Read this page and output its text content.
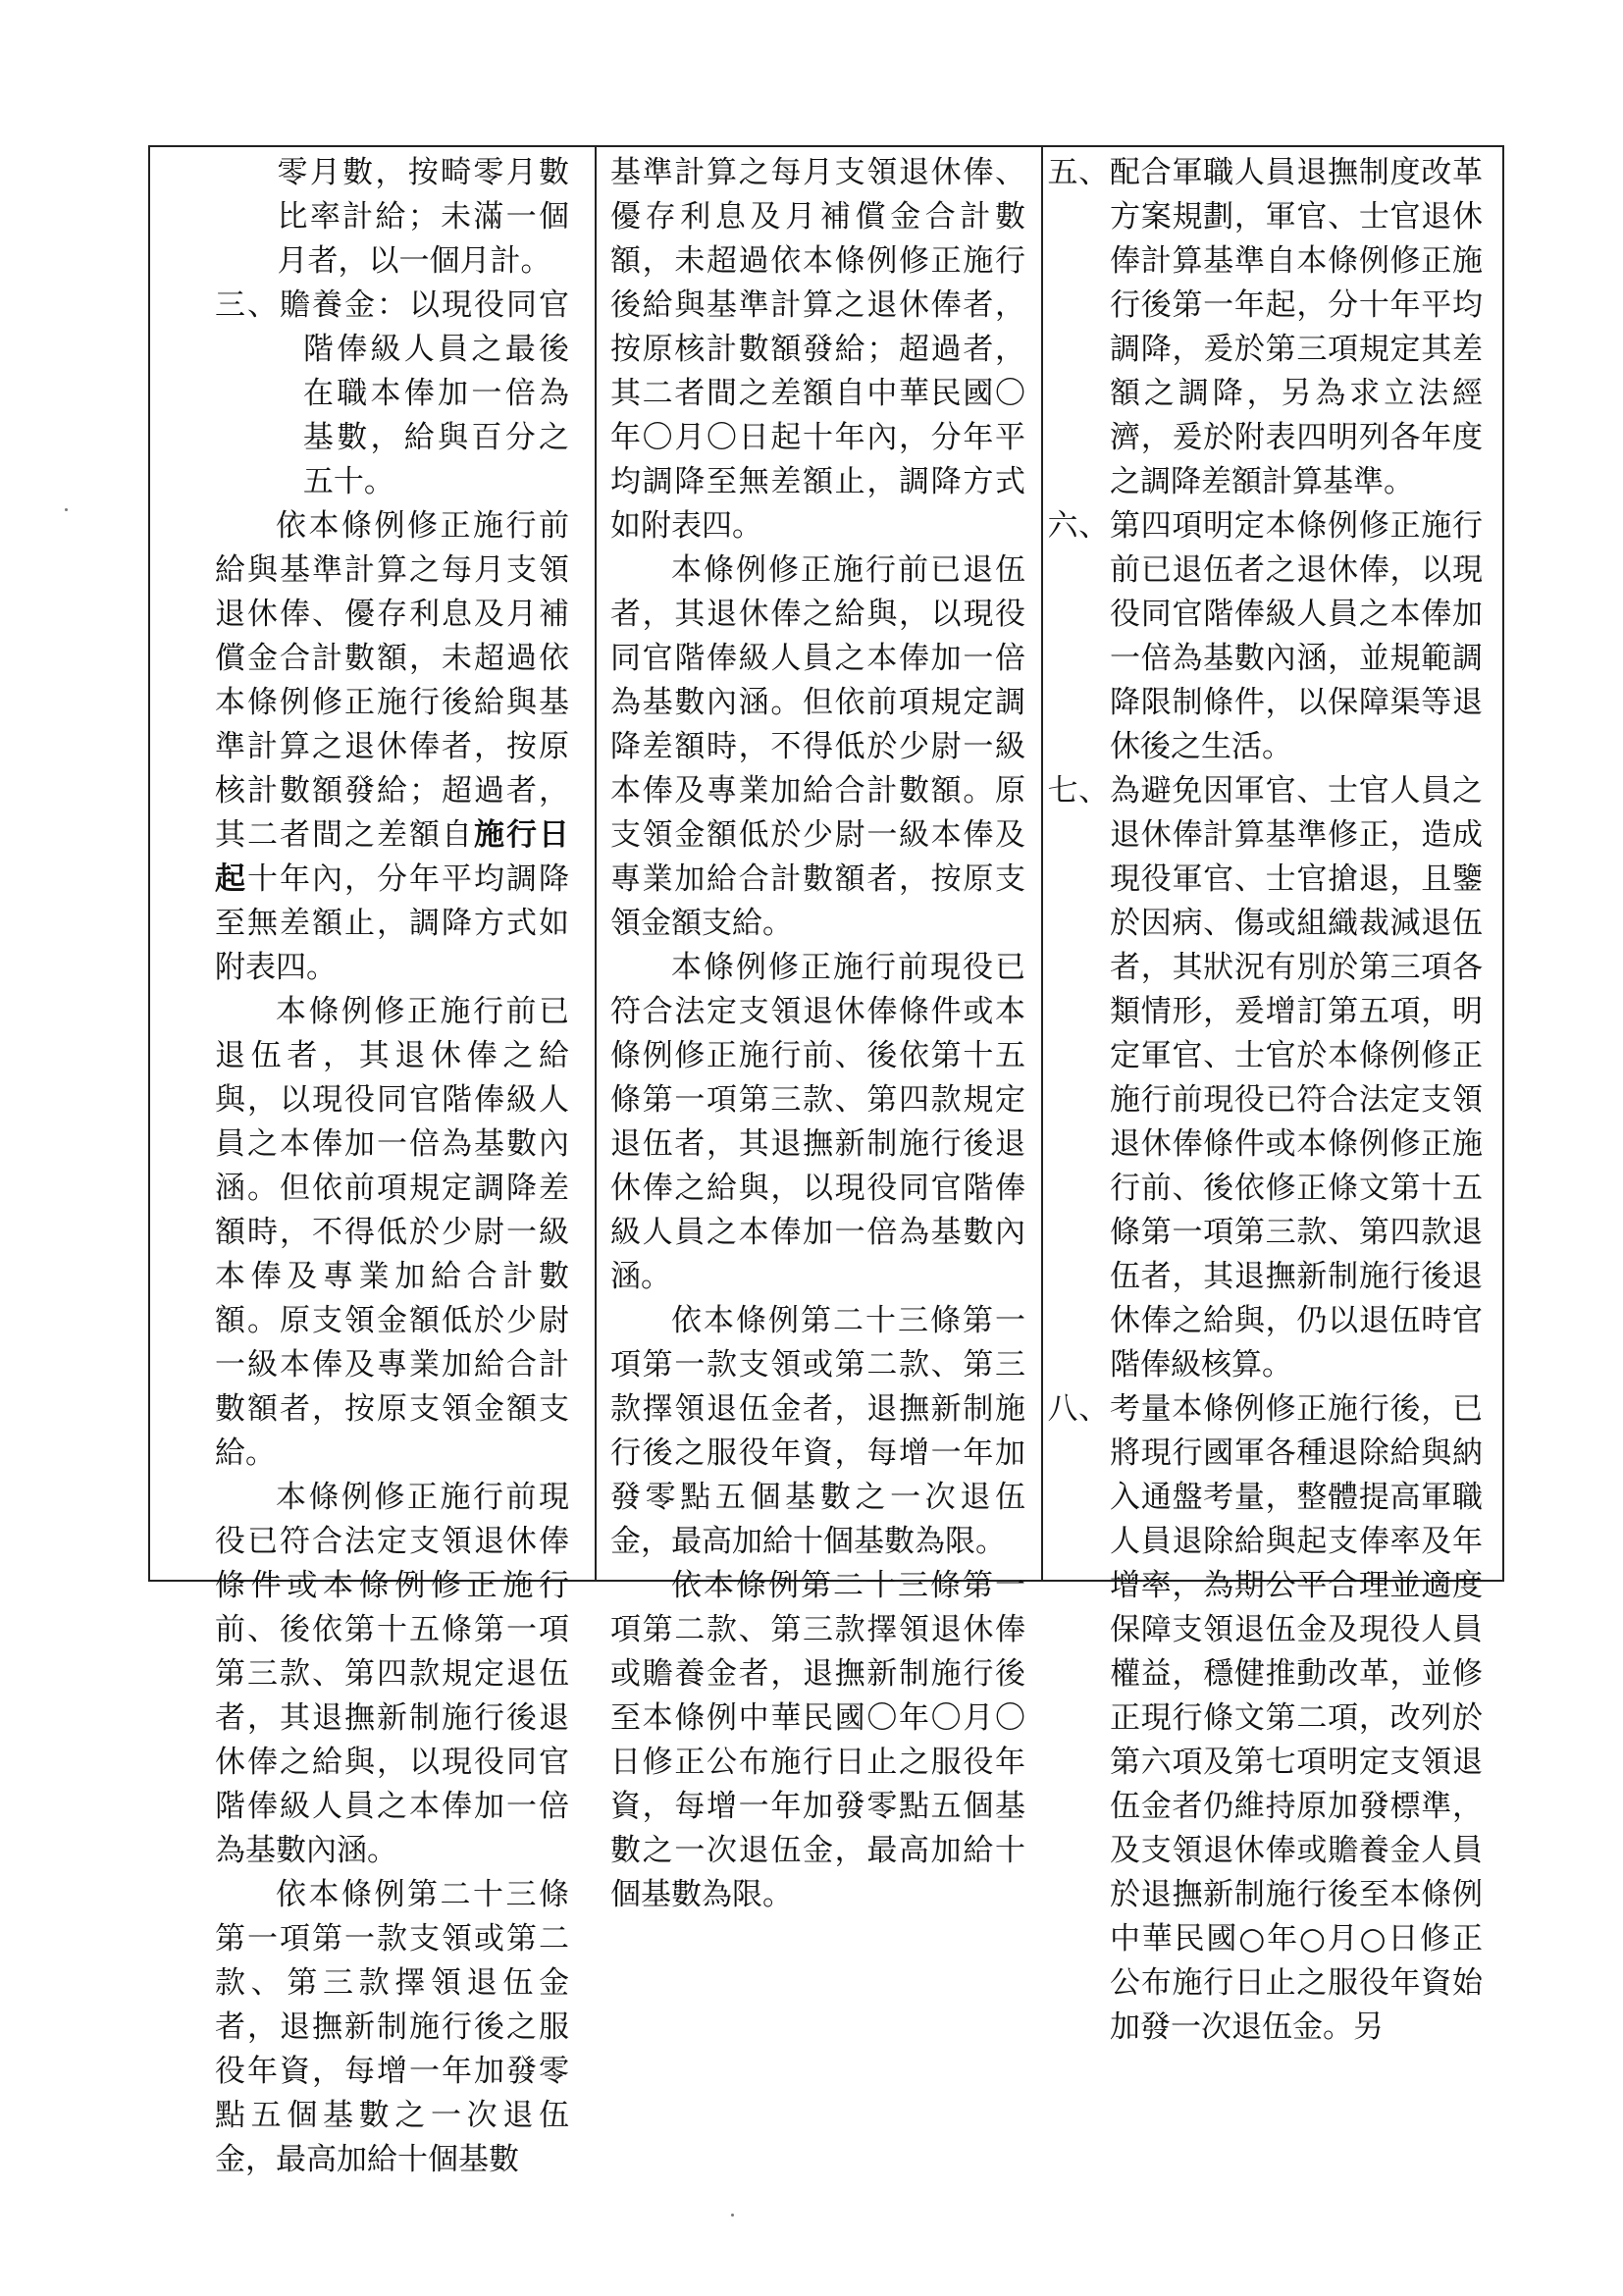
零月數，按畸零月數比率計給；未滿一個月者，以一個月計。

三、贍養金：以現役同官階俸級人員之最後在職本俸加一倍為基數，給與百分之五十。

依本條例修正施行前給與基準計算之每月支領退休俸、優存利息及月補償金合計數額，未超過依本條例修正施行後給與基準計算之退休俸者，按原核計數額發給；超過者，其二者間之差額自施行日起十年內，分年平均調降至無差額止，調降方式如附表四。

本條例修正施行前已退伍者，其退休俸之給與，以現役同官階俸級人員之本俸加一倍為基數內涵。但依前項規定調降差額時，不得低於少尉一級本俸及專業加給合計數額。原支領金額低於少尉一級本俸及專業加給合計數額者，按原支領金額支給。

本條例修正施行前現役已符合法定支領退休俸條件或本條例修正施行前、後依第十五條第一項第三款、第四款規定退伍者，其退撫新制施行後退休俸之給與，以現役同官階俸級人員之本俸加一倍為基數內涵。

依本條例第二十三條第一項第一款支領或第二款、第三款擇領退伍金者，退撫新制施行後之服役年資，每增一年加發零點五個基數之一次退伍金，最高加給十個基數

基準計算之每月支領退休俸、優存利息及月補償金合計數額，未超過依本條例修正施行後給與基準計算之退休俸者，按原核計數額發給；超過者，其二者間之差額自中華民國〇年〇月〇日起十年內，分年平均調降至無差額止，調降方式如附表四。

本條例修正施行前已退伍者，其退休俸之給與，以現役同官階俸級人員之本俸加一倍為基數內涵。但依前項規定調降差額時，不得低於少尉一級本俸及專業加給合計數額。原支領金額低於少尉一級本俸及專業加給合計數額者，按原支領金額支給。

本條例修正施行前現役已符合法定支領退休俸條件或本條例修正施行前、後依第十五條第一項第三款、第四款規定退伍者，其退撫新制施行後退休俸之給與，以現役同官階俸級人員之本俸加一倍為基數內涵。

依本條例第二十三條第一項第一款支領或第二款、第三款擇領退伍金者，退撫新制施行後之服役年資，每增一年加發零點五個基數之一次退伍金，最高加給十個基數為限。

依本條例第二十三條第一項第二款、第三款擇領退休俸或贍養金者，退撫新制施行後至本條例中華民國〇年〇月〇日修正公布施行日止之服役年資，每增一年加發零點五個基數之一次退伍金，最高加給十個基數為限。

五、配合軍職人員退撫制度改革方案規劃，軍官、士官退休俸計算基準自本條例修正施行後第一年起，分十年平均調降，爰於第三項規定其差額之調降，另為求立法經濟，爰於附表四明列各年度之調降差額計算基準。

六、第四項明定本條例修正施行前已退伍者之退休俸，以現役同官階俸級人員之本俸加一倍為基數內涵，並規範調降限制條件，以保障渠等退休後之生活。

七、為避免因軍官、士官人員之退休俸計算基準修正，造成現役軍官、士官搶退，且鑒於因病、傷或組織裁減退伍者，其狀況有別於第三項各類情形，爰增訂第五項，明定軍官、士官於本條例修正施行前現役已符合法定支領退休俸條件或本條例修正施行前、後依修正條文第十五條第一項第三款、第四款退伍者，其退撫新制施行後退休俸之給與，仍以退伍時官階俸級核算。

八、考量本條例修正施行後，已將現行國軍各種退除給與納入通盤考量，整體提高軍職人員退除給與起支俸率及年增率，為期公平合理並適度保障支領退伍金及現役人員權益，穩健推動改革，並修正現行條文第二項，改列於第六項及第七項明定支領退伍金者仍維持原加發標準，及支領退休俸或贍養金人員於退撫新制施行後至本條例中華民國○年○月○日修正公布施行日止之服役年資始加發一次退伍金。另
